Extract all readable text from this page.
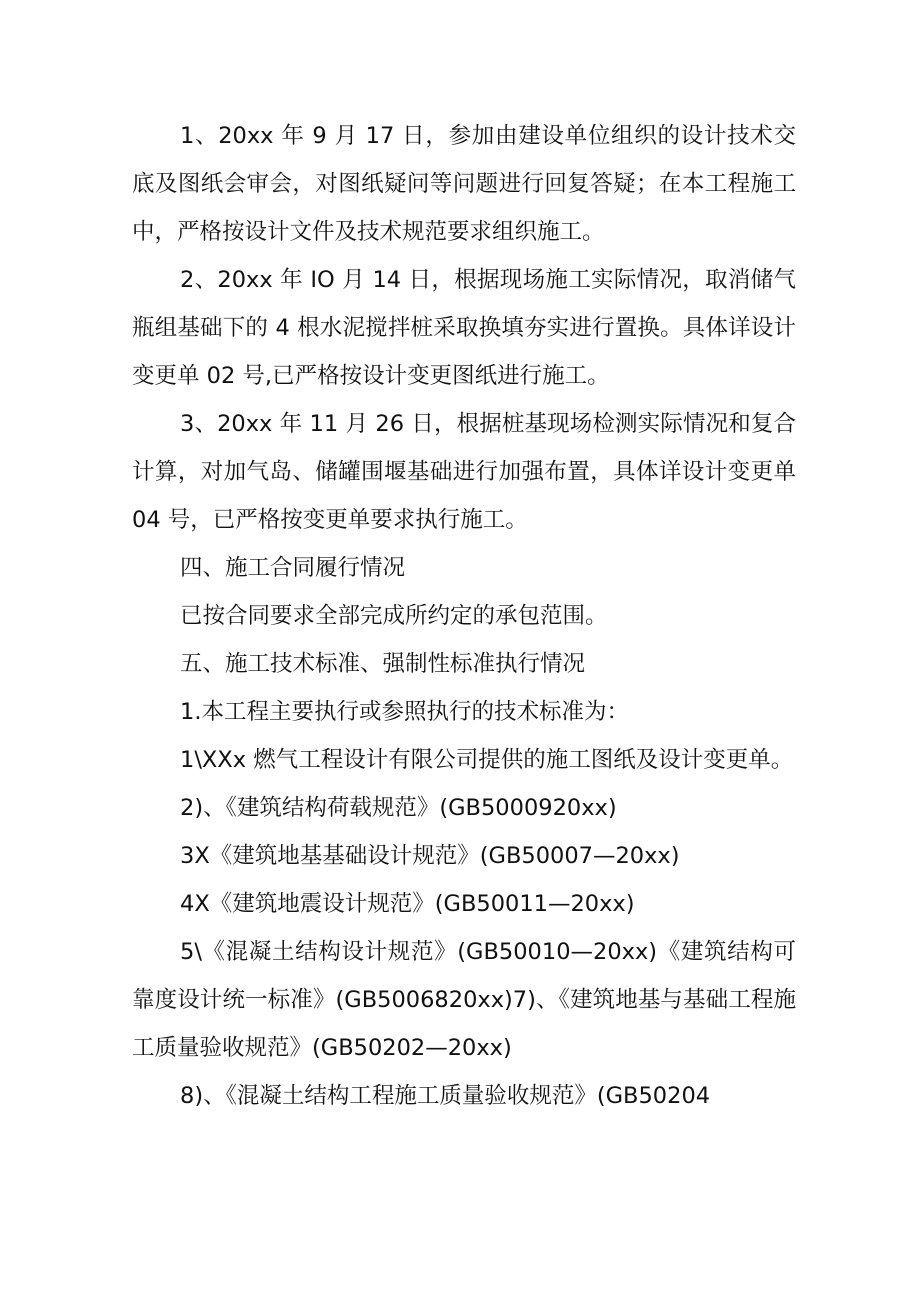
1、20xx 年 9 月 17 日，参加由建设单位组织的设计技术交底及图纸会审会，对图纸疑问等问题进行回复答疑；在本工程施工中，严格按设计文件及技术规范要求组织施工。

2、20xx 年 IO 月 14 日，根据现场施工实际情况，取消储气瓶组基础下的 4 根水泥搅拌桩采取换填夯实进行置换。具体详设计变更单 02 号,已严格按设计变更图纸进行施工。

3、20xx 年 11 月 26 日，根据桩基现场检测实际情况和复合计算，对加气岛、储罐围堰基础进行加强布置，具体详设计变更单 04 号，已严格按变更单要求执行施工。

四、施工合同履行情况

已按合同要求全部完成所约定的承包范围。

五、施工技术标准、强制性标准执行情况

1.本工程主要执行或参照执行的技术标准为：

1\XXx 燃气工程设计有限公司提供的施工图纸及设计变更单。

2)、《建筑结构荷载规范》(GB5000920xx)

3X《建筑地基基础设计规范》(GB50007—20xx)

4X《建筑地震设计规范》(GB50011—20xx)

5\《混凝土结构设计规范》(GB50010—20xx)《建筑结构可靠度设计统一标准》(GB5006820xx)7)、《建筑地基与基础工程施工质量验收规范》(GB50202—20xx)

8)、《混凝土结构工程施工质量验收规范》(GB50204
